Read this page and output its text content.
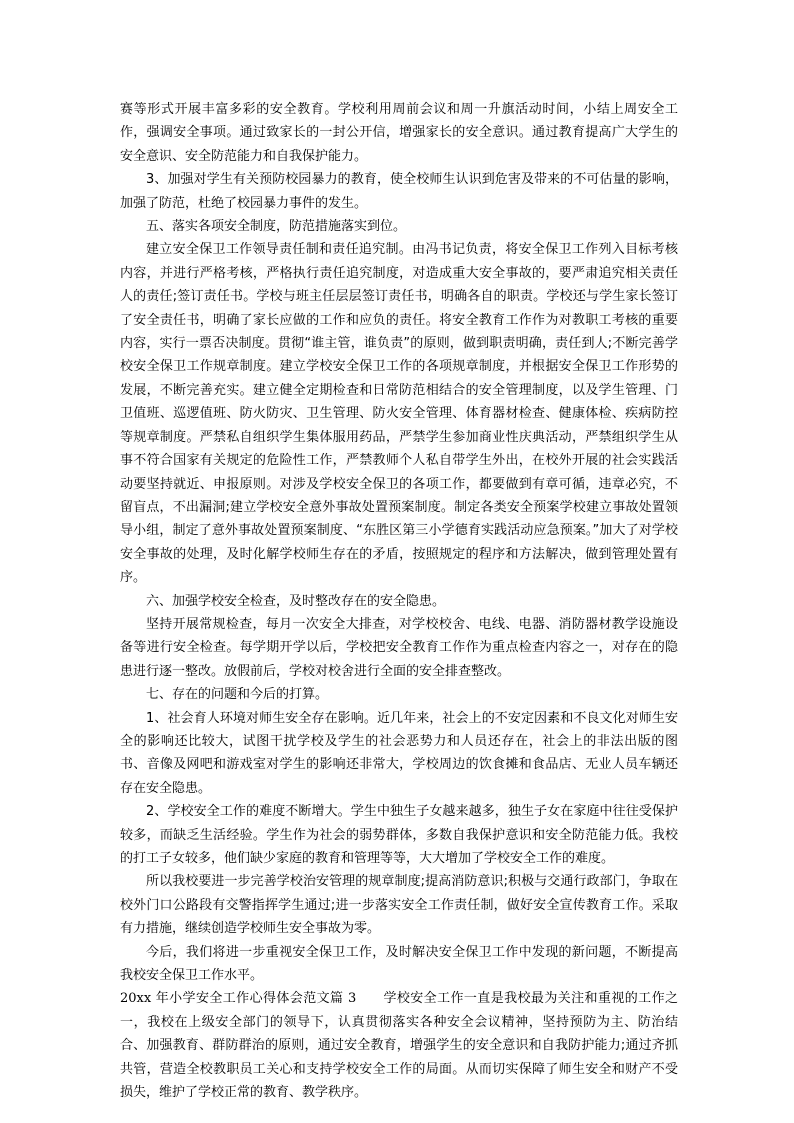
赛等形式开展丰富多彩的安全教育。学校利用周前会议和周一升旗活动时间，小结上周安全工作，强调安全事项。通过致家长的一封公开信，增强家长的安全意识。通过教育提高广大学生的安全意识、安全防范能力和自我保护能力。

3、加强对学生有关预防校园暴力的教育，使全校师生认识到危害及带来的不可估量的影响，加强了防范，杜绝了校园暴力事件的发生。

五、落实各项安全制度，防范措施落实到位。

建立安全保卫工作领导责任制和责任追究制。由冯书记负责，将安全保卫工作列入目标考核内容，并进行严格考核，严格执行责任追究制度，对造成重大安全事故的，要严肃追究相关责任人的责任;签订责任书。学校与班主任层层签订责任书，明确各自的职责。学校还与学生家长签订了安全责任书，明确了家长应做的工作和应负的责任。将安全教育工作作为对教职工考核的重要内容，实行一票否决制度。贯彻“谁主管，谁负责”的原则，做到职责明确，责任到人;不断完善学校安全保卫工作规章制度。建立学校安全保卫工作的各项规章制度，并根据安全保卫工作形势的发展，不断完善充实。建立健全定期检查和日常防范相结合的安全管理制度，以及学生管理、门卫值班、巡逻值班、防火防灾、卫生管理、防火安全管理、体育器材检查、健康体检、疾病防控等规章制度。严禁私自组织学生集体服用药品，严禁学生参加商业性庆典活动，严禁组织学生从事不符合国家有关规定的危险性工作，严禁教师个人私自带学生外出，在校外开展的社会实践活动要坚持就近、申报原则。对涉及学校安全保卫的各项工作，都要做到有章可循，违章必究，不留盲点，不出漏洞;建立学校安全意外事故处置预案制度。制定各类安全预案学校建立事故处置领导小组，制定了意外事故处置预案制度、“东胜区第三小学德育实践活动应急预案。”加大了对学校安全事故的处理，及时化解学校师生存在的矛盾，按照规定的程序和方法解决，做到管理处置有序。

六、加强学校安全检查，及时整改存在的安全隐患。

坚持开展常规检查，每月一次安全大排查，对学校校舍、电线、电器、消防器材教学设施设备等进行安全检查。每学期开学以后，学校把安全教育工作作为重点检查内容之一，对存在的隐患进行逐一整改。放假前后，学校对校舍进行全面的安全排查整改。

七、存在的问题和今后的打算。

1、社会育人环境对师生安全存在影响。近几年来，社会上的不安定因素和不良文化对师生安全的影响还比较大，试图干扰学校及学生的社会恶势力和人员还存在，社会上的非法出版的图书、音像及网吧和游戏室对学生的影响还非常大，学校周边的饮食摊和食品店、无业人员车辆还存在安全隐患。

2、学校安全工作的难度不断增大。学生中独生子女越来越多，独生子女在家庭中往往受保护较多，而缺乏生活经验。学生作为社会的弱势群体，多数自我保护意识和安全防范能力低。我校的打工子女较多，他们缺少家庭的教育和管理等等，大大增加了学校安全工作的难度。

所以我校要进一步完善学校治安管理的规章制度;提高消防意识;积极与交通行政部门，争取在校外门口公路段有交警指挥学生通过;进一步落实安全工作责任制，做好安全宣传教育工作。采取有力措施，继续创造学校师生安全事故为零。

今后，我们将进一步重视安全保卫工作，及时解决安全保卫工作中发现的新问题，不断提高我校安全保卫工作水平。

20xx 年小学安全工作心得体会范文篇 3　　 学校安全工作一直是我校最为关注和重视的工作之一，我校在上级安全部门的领导下，认真贯彻落实各种安全会议精神，坚持预防为主、防治结合、加强教育、群防群治的原则，通过安全教育，增强学生的安全意识和自我防护能力;通过齐抓共管，营造全校教职员工关心和支持学校安全工作的局面。从而切实保障了师生安全和财产不受损失，维护了学校正常的教育、教学秩序。
